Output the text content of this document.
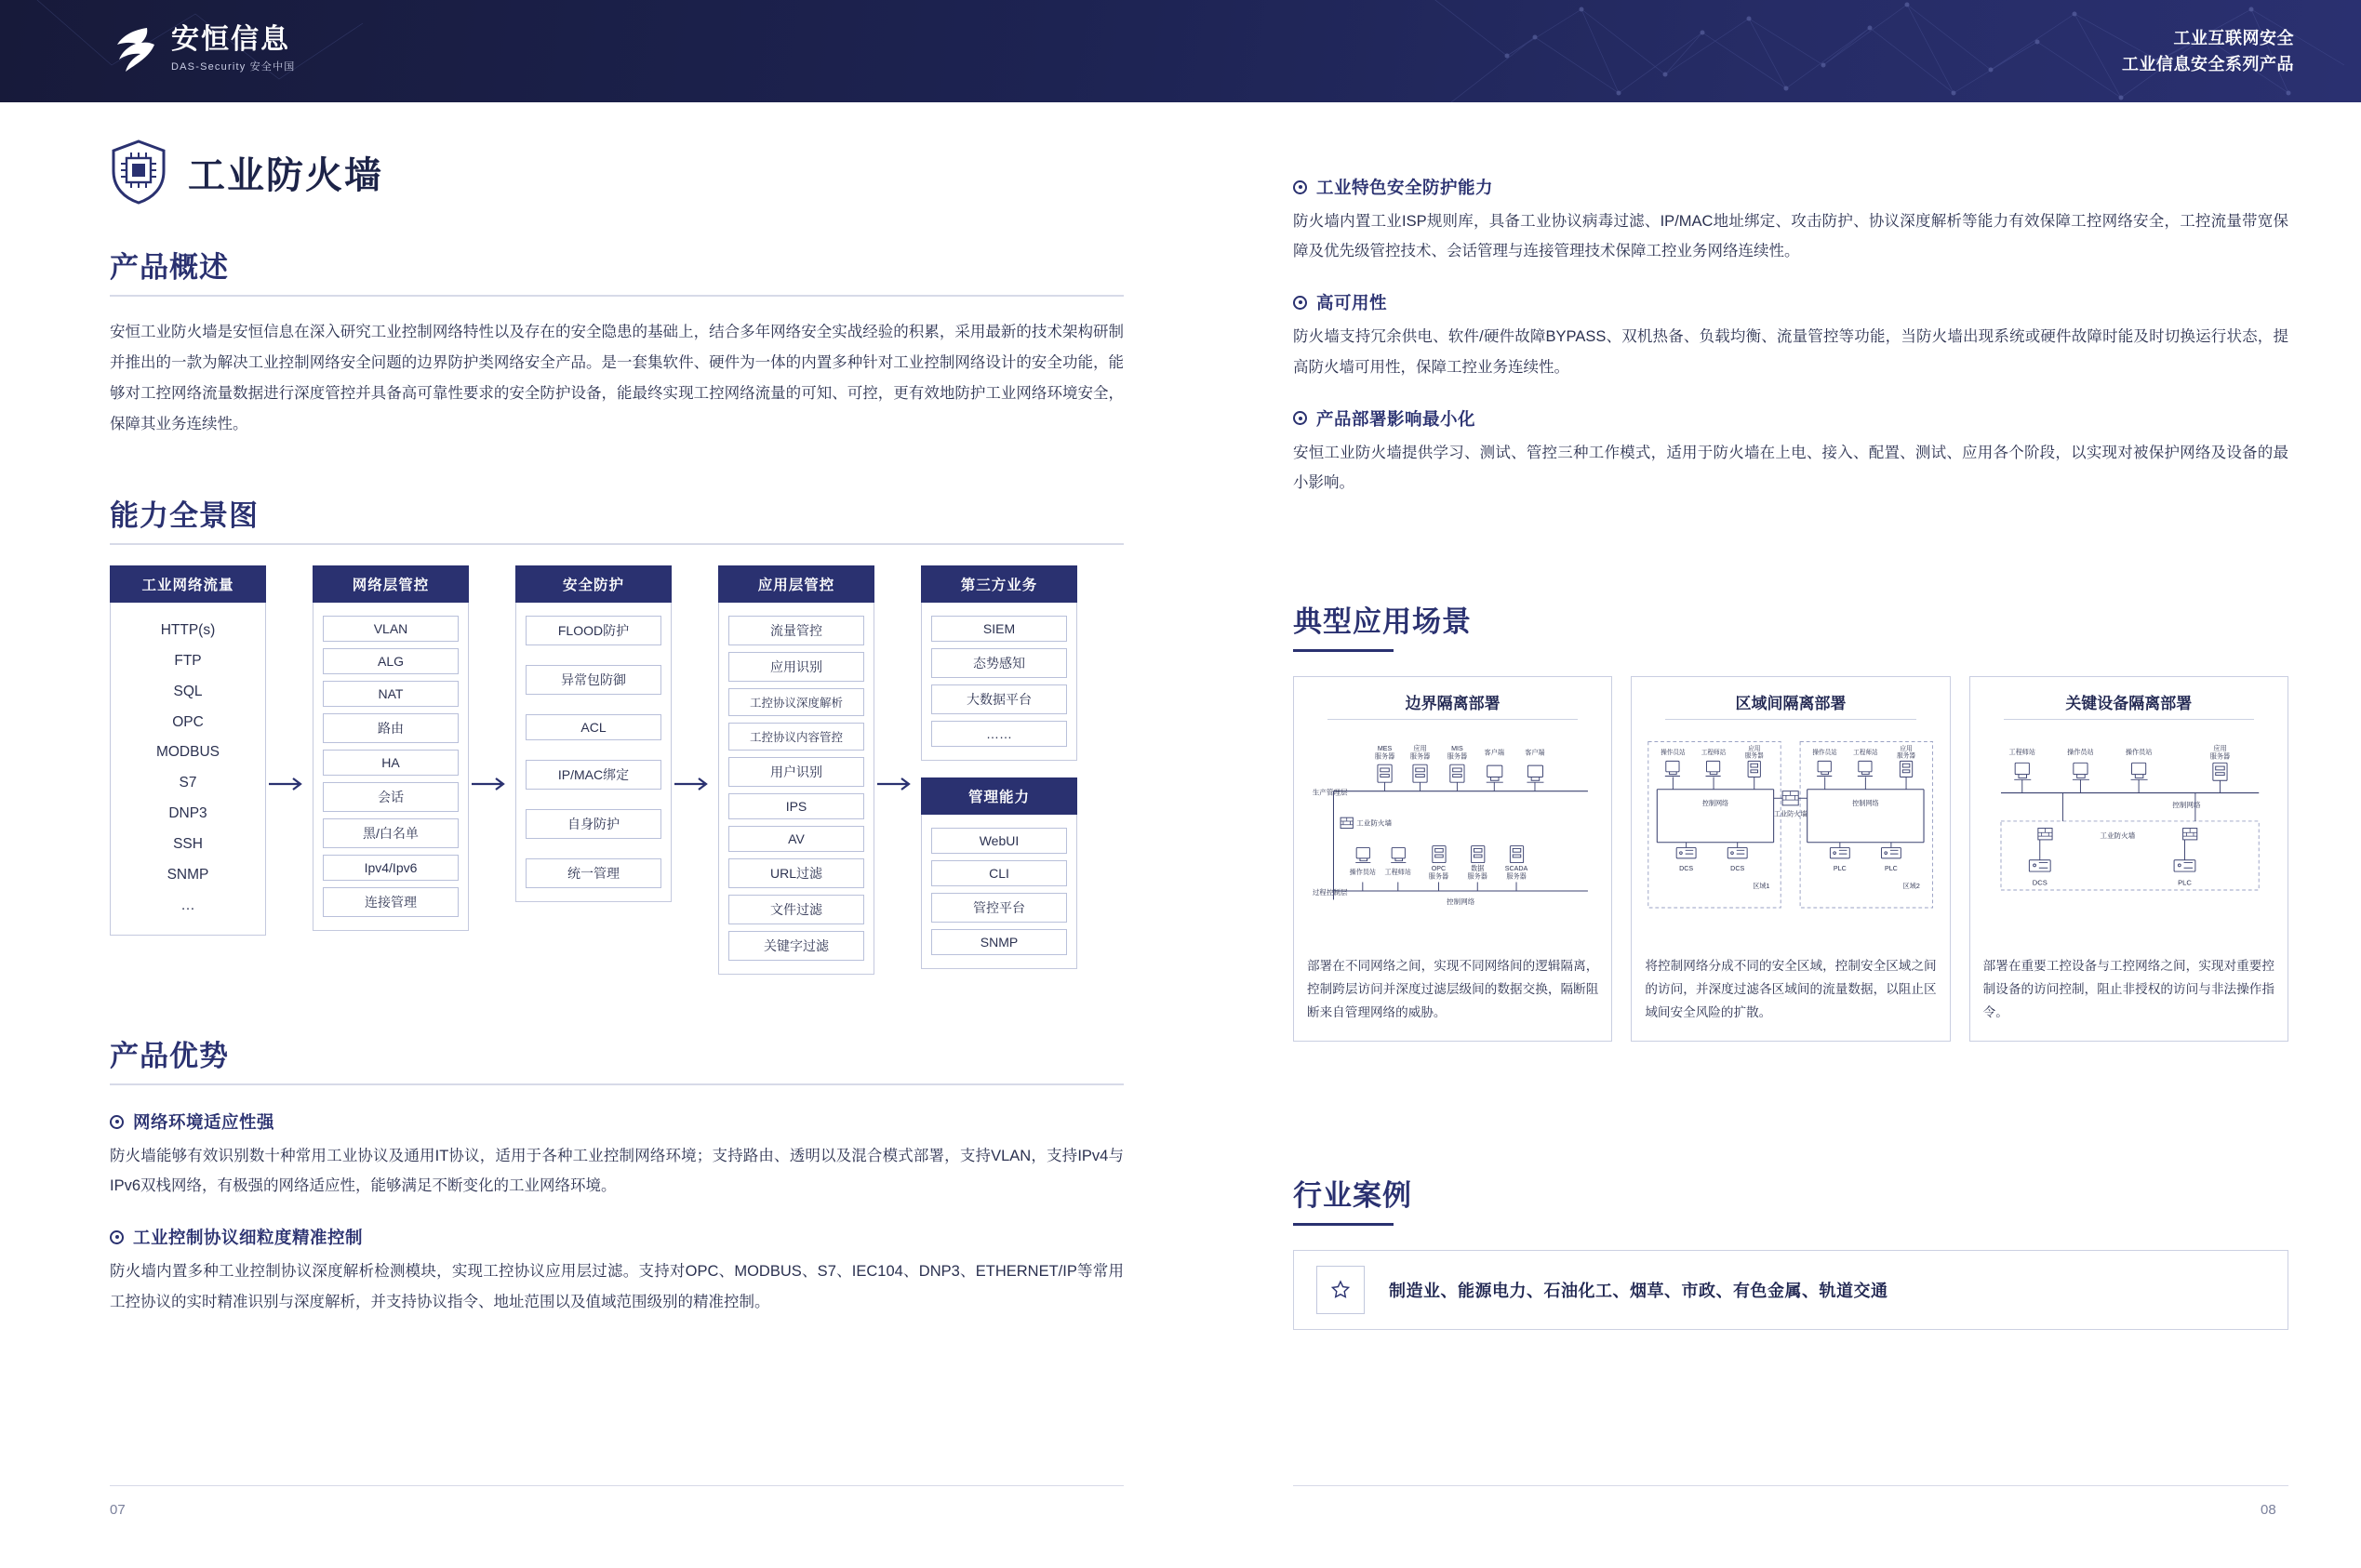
安恒信息
DAS-Security 安全中国
工业互联网安全
工业信息安全系列产品
工业防火墙
产品概述

安恒工业防火墙是安恒信息在深入研究工业控制网络特性以及存在的安全隐患的基础上，结合多年网络安全实战经验的积累，采用最新的技术架构研制并推出的一款为解决工业控制网络安全问题的边界防护类网络安全产品。是一套集软件、硬件为一体的内置多种针对工业控制网络设计的安全功能，能够对工控网络流量数据进行深度管控并具备高可靠性要求的安全防护设备，能最终实现工控网络流量的可知、可控，更有效地防护工业网络环境安全，保障其业务连续性。

能力全景图
工业网络流量
HTTP(s)
FTP
SQL
OPC
MODBUS
S7
DNP3
SSH
SNMP
…
网络层管控
VLAN
ALG
NAT
路由
HA
会话
黑/白名单
Ipv4/Ipv6
连接管理
安全防护
FLOOD防护
异常包防御
ACL
IP/MAC绑定
自身防护
统一管理
应用层管控
流量管控
应用识别
工控协议深度解析
工控协议内容管控
用户识别
IPS
AV
URL过滤
文件过滤
关键字过滤
第三方业务
SIEM
态势感知
大数据平台
……
管理能力
WebUI
CLI
管控平台
SNMP
产品优势
网络环境适应性强
防火墙能够有效识别数十种常用工业协议及通用IT协议，适用于各种工业控制网络环境；支持路由、透明以及混合模式部署，支持VLAN，支持IPv4与IPv6双栈网络，有极强的网络适应性，能够满足不断变化的工业网络环境。
工业控制协议细粒度精准控制
防火墙内置多种工业控制协议深度解析检测模块，实现工控协议应用层过滤。支持对OPC、MODBUS、S7、IEC104、DNP3、ETHERNET/IP等常用工控协议的实时精准识别与深度解析，并支持协议指令、地址范围以及值域范围级别的精准控制。
工业特色安全防护能力
防火墙内置工业ISP规则库，具备工业协议病毒过滤、IP/MAC地址绑定、攻击防护、协议深度解析等能力有效保障工控网络安全，工控流量带宽保障及优先级管控技术、会话管理与连接管理技术保障工控业务网络连续性。
高可用性
防火墙支持冗余供电、软件/硬件故障BYPASS、双机热备、负载均衡、流量管控等功能，当防火墙出现系统或硬件故障时能及时切换运行状态，提高防火墙可用性，保障工控业务连续性。
产品部署影响最小化
安恒工业防火墙提供学习、测试、管控三种工作模式，适用于防火墙在上电、接入、配置、测试、应用各个阶段，以实现对被保护网络及设备的最小影响。
典型应用场景
边界隔离部署
MES
服务器
应用
服务器
MIS
服务器 客户端	客户端
生产管理层
工业防火墙
操作员站 工程师站	OPC
服务器
数据
服务器
SCADA
服务器
过程控制层
控制网络
部署在不同网络之间，实现不同网络间的逻辑隔离，控制跨层访问并深度过滤层级间的数据交换，隔断阻断来自管理网络的威胁。
区域间隔离部署
操作员站 工程师站
应用
服务器
操作员站 工程师站
应用
服务器
控制网络	控制网络
工业防火墙
DCS	DCS	PLC	PLC
区域1	区域2
将控制网络分成不同的安全区域，控制安全区域之间的访问，并深度过滤各区域间的流量数据，以阻止区域间安全风险的扩散。
关键设备隔离部署
工程师站	操作员站	操作员站	应用
服务器
控制网络
工业防火墙
DCS	PLC
部署在重要工控设备与工控网络之间，实现对重要控制设备的访问控制，阻止非授权的访问与非法操作指令。
行业案例
制造业、能源电力、石油化工、烟草、市政、有色金属、轨道交通
07	08
